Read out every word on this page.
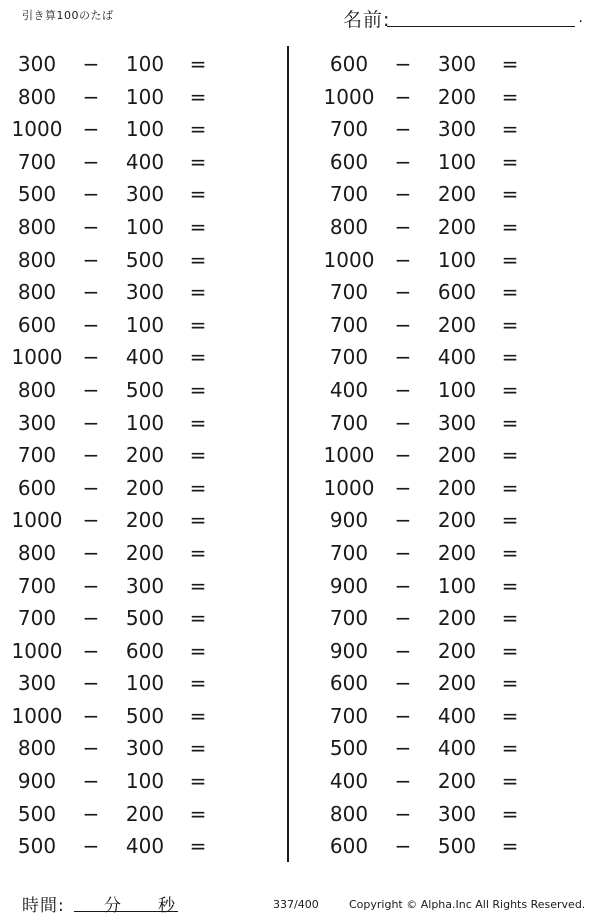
引き算100のたば	名前:	.
300	−	100	=
800	−	100	=
1000 −	100	=
700	−	400	=
500	−	300	=
800	−	100	=
800	−	500	=
800	−	300	=
600	−	100	=
1000 −	400	=
800	−	500	=
300	−	100	=
700	−	200	=
600	−	200	=
1000 −	200	=
800	−	200	=
700	−	300	=
700	−	500	=
1000 −	600	=
300	−	100	=
1000 −	500	=
800	−	300	=
900	−	100	=
500	−	200	=
500	−	400	=
600	−	300	=
1000 −	200	=
700	−	300	=
600	−	100	=
700	−	200	=
800	−	200	=
1000 −	100	=
700	−	600	=
700	−	200	=
700	−	400	=
400	−	100	=
700	−	300	=
1000 −	200	=
1000 −	200	=
900	−	200	=
700	−	200	=
900	−	100	=
700	−	200	=
900	−	200	=
600	−	200	=
700	−	400	=
500	−	400	=
400	−	200	=
800	−	300	=
600	−	500	=
時間: 分 秒	337/400	Copyright © Alpha.Inc All Rights Reserved.
